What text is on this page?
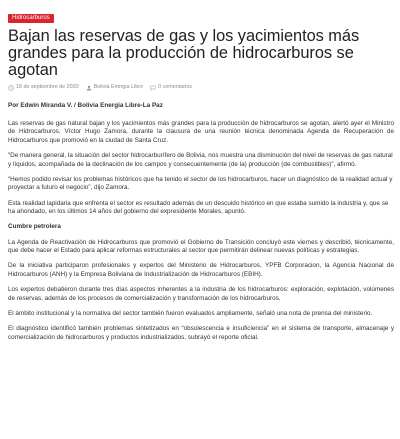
Hidrocarburos
Bajan las reservas de gas y los yacimientos más grandes para la producción de hidrocarburos se agotan
18 de septiembre de 2020	Bolivia Energia Libre	0 comentarios

Por Edwin Miranda V. / Bolivia Energia Libre-La Paz

Las reservas de gas natural bajan y los yacimientos más grandes para la producción de hidrocarburos se agotan, alertó ayer el Ministro de Hidrocarburos, Víctor Hugo Zamora, durante la clausura de una reunión técnica denominada Agenda de Recuperación de Hidrocarburos que promovió en la ciudad de Santa Cruz.

“De manera general, la situación del sector hidrocarburífero de Bolivia, nos muestra una disminución del nivel de reservas de gas natural y líquidos, acompañada de la declinación de los campos y consecuentemente (de la) producción (de combustibles)”, afirmó.

“Hemos podido revisar los problemas históricos que ha tenido el sector de los hidrocarburos, hacer un diagnóstico de la realidad actual y proyectar a futuro el negocio”, dijo Zamora.

Esta realidad lapidaria que enfrenta el sector es resultado además de un descuido histórico en que estaba sumido la industria y, que se ha ahondado, en los últimos 14 años del gobierno del expresidente Morales, apuntó.

Cumbre petrolera

La Agenda de Reactivación de Hidrocarburos que promovió el Gobierno de Transición concluyó este viernes y describió, técnicamente, que debe hacer el Estado para aplicar reformas estructurales al sector que permitirán delinear nuevas políticas y estrategias.

De la iniciativa participaron profesionales y expertos del Ministerio de Hidrocarburos, YPFB Corporacion, la Agencia Nacional de Hidrocarburos (ANH) y la Empresa Boliviana de Industrialización de Hidrocarburos (EBIH).

Los expertos debatieron durante tres días aspectos inherentes a la industria de los hidrocarburos: exploración, explotación, volúmenes de reservas, además de los procesos de comercialización y transformación de los hidrocarburos.

El ámbito institucional y la normativa del sector también fueron evaluados ampliamente, señaló una nota de prensa del ministerio.

El diagnóstico identificó también problemas sintetizados en “obsolescencia e insuficiencia” en el sistema de transporte, almacenaje y comercialización de hidrocarburos y productos industrializados, subrayó el reporte oficial.
